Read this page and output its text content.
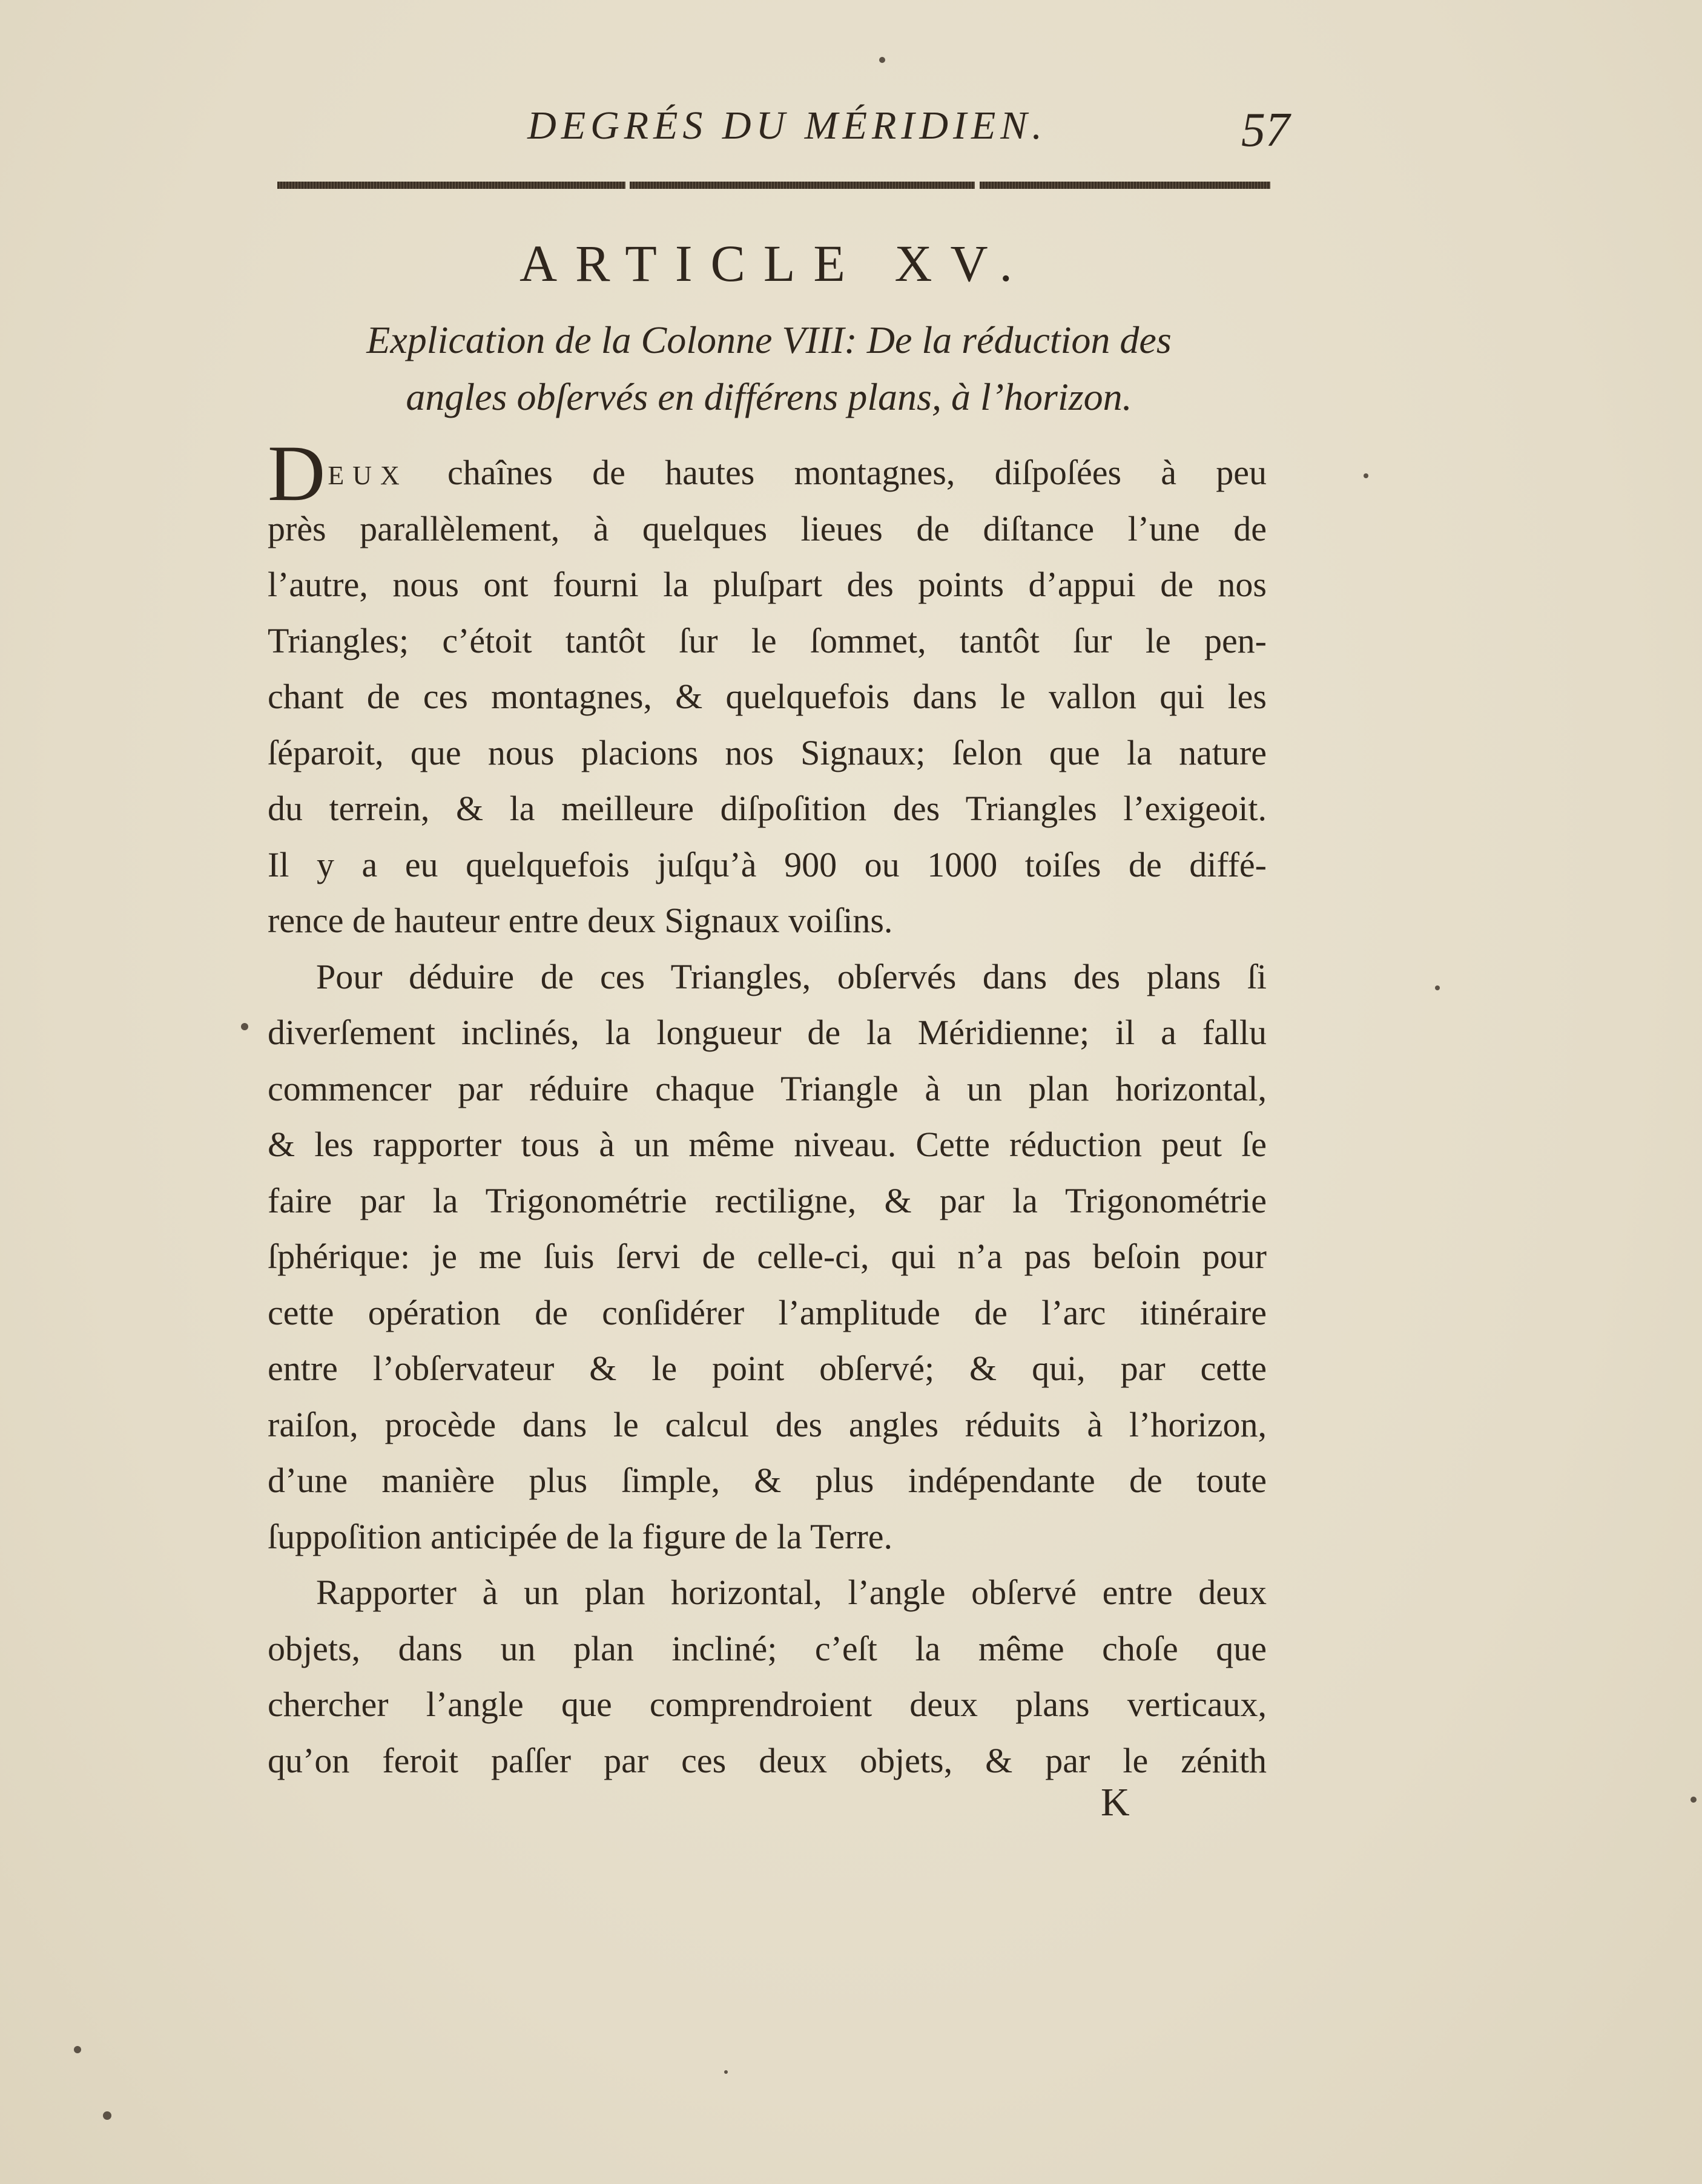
DEGRÉS DU MÉRIDIEN.	57
ARTICLE XV.
Explication de la Colonne VIII: De la réduction des
angles obſervés en différens plans, à l’horizon.
DEUX chaînes de hautes montagnes, diſpoſées à peu
près parallèlement, à quelques lieues de diſtance l’une de
l’autre, nous ont fourni la pluſpart des points d’appui de nos
Triangles; c’étoit tantôt ſur le ſommet, tantôt ſur le pen-
chant de ces montagnes, & quelquefois dans le vallon qui les
ſéparoit, que nous placions nos Signaux; ſelon que la nature
du terrein, & la meilleure diſpoſition des Triangles l’exigeoit.
Il y a eu quelquefois juſqu’à 900 ou 1000 toiſes de diffé-
rence de hauteur entre deux Signaux voiſins.
Pour déduire de ces Triangles, obſervés dans des plans ſi
diverſement inclinés, la longueur de la Méridienne; il a fallu
commencer par réduire chaque Triangle à un plan horizontal,
& les rapporter tous à un même niveau. Cette réduction peut ſe
faire par la Trigonométrie rectiligne, & par la Trigonométrie
ſphérique: je me ſuis ſervi de celle-ci, qui n’a pas beſoin pour
cette opération de conſidérer l’amplitude de l’arc itinéraire
entre l’obſervateur & le point obſervé; & qui, par cette
raiſon, procède dans le calcul des angles réduits à l’horizon,
d’une manière plus ſimple, & plus indépendante de toute
ſuppoſition anticipée de la figure de la Terre.
Rapporter à un plan horizontal, l’angle obſervé entre deux
objets, dans un plan incliné; c’eſt la même choſe que
chercher l’angle que comprendroient deux plans verticaux,
qu’on feroit paſſer par ces deux objets, & par le zénith
K
